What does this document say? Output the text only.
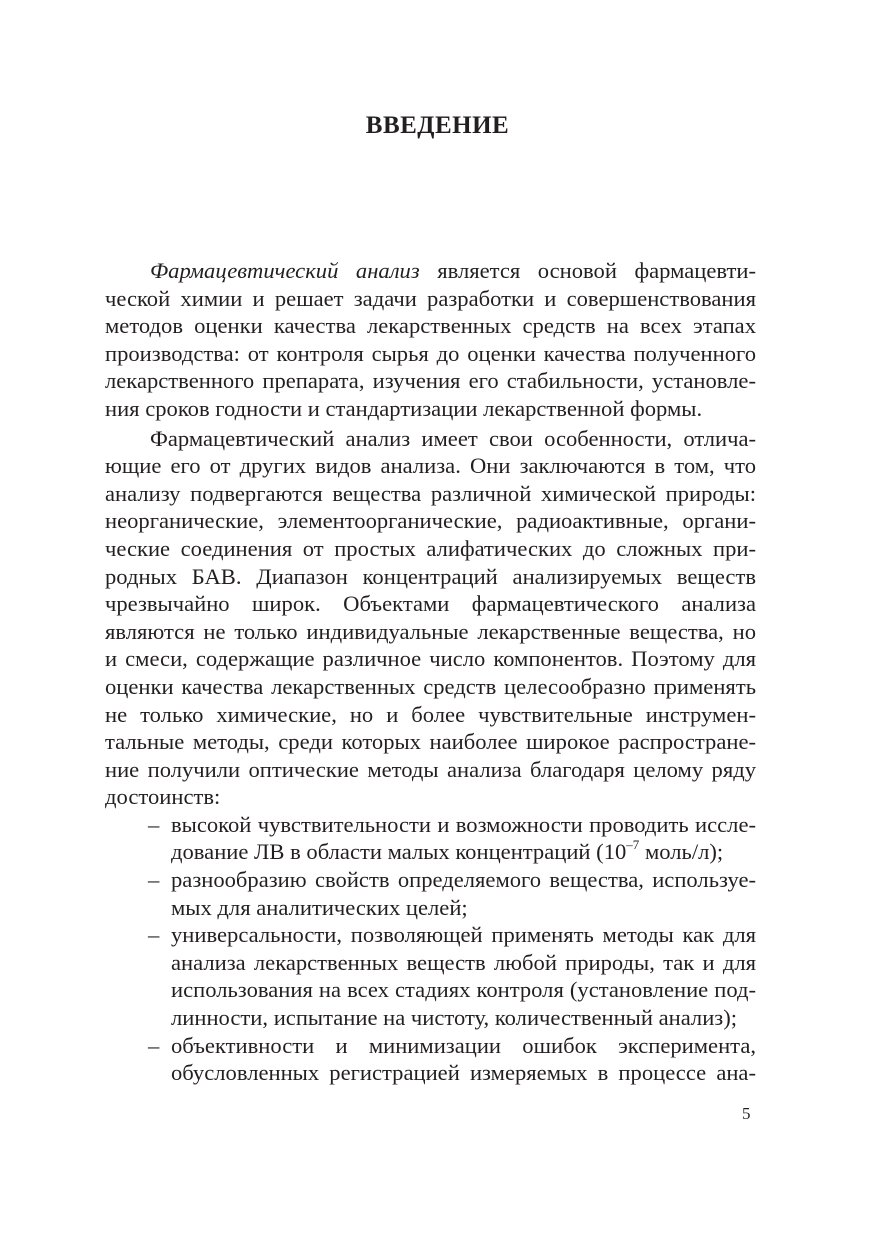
ВВЕДЕНИЕ
Фармацевтический анализ является основой фармацевти-
ческой химии и решает задачи разработки и совершенствования
методов оценки качества лекарственных средств на всех этапах
производства: от контроля сырья до оценки качества полученного
лекарственного препарата, изучения его стабильности, установле-
ния сроков годности и стандартизации лекарственной формы.
Фармацевтический анализ имеет свои особенности, отлича-
ющие его от других видов анализа. Они заключаются в том, что
анализу подвергаются вещества различной химической природы:
неорганические, элементоорганические, радиоактивные, органи-
ческие соединения от простых алифатических до сложных при-
родных БАВ. Диапазон концентраций анализируемых веществ
чрезвычайно широк. Объектами фармацевтического анализа
являются не только индивидуальные лекарственные вещества, но
и смеси, содержащие различное число компонентов. Поэтому для
оценки качества лекарственных средств целесообразно применять
не только химические, но и более чувствительные инструмен-
тальные методы, среди которых наиболее широкое распростране-
ние получили оптические методы анализа благодаря целому ряду
достоинств:
– высокой чувствительности и возможности проводить иссле-
дование ЛВ в области малых концентраций ($10^{-7}$ моль/л);
– разнообразию свойств определяемого вещества, используе-
мых для аналитических целей;
– универсальности, позволяющей применять методы как для
анализа лекарственных веществ любой природы, так и для
использования на всех стадиях контроля (установление под-
линности, испытание на чистоту, количественный анализ);
– объективности и минимизации ошибок эксперимента,
обусловленных регистрацией измеряемых в процессе ана-
5
